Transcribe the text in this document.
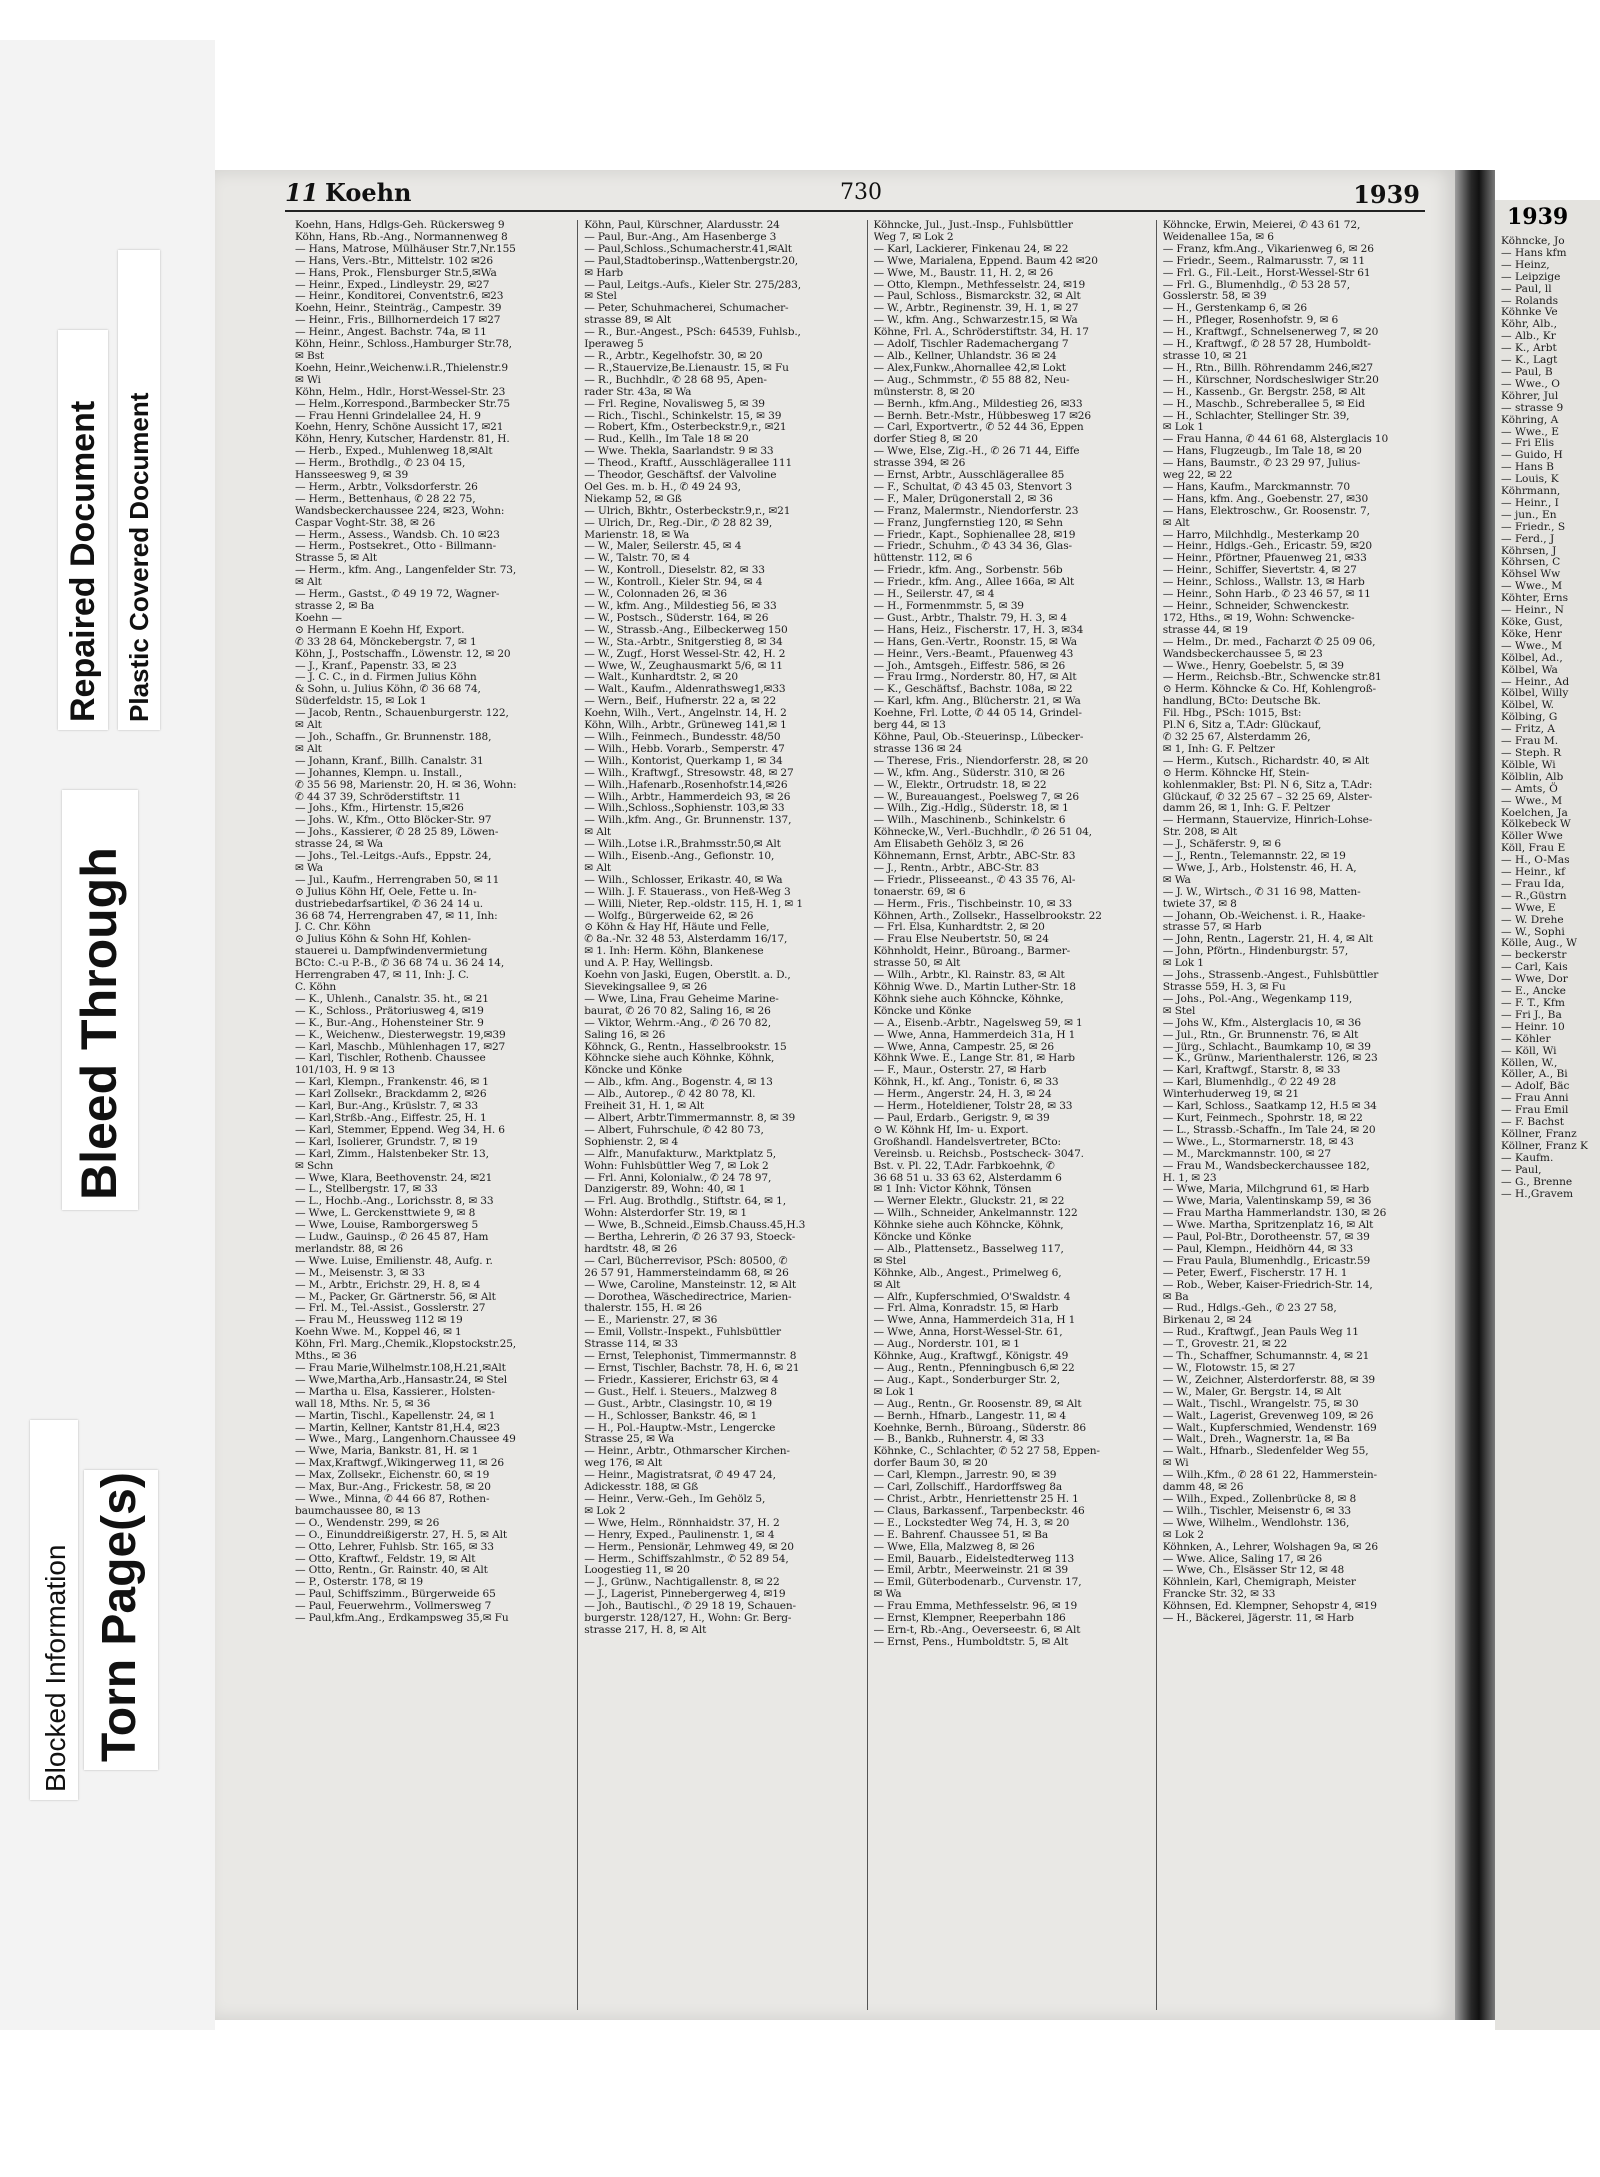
Blocked Information Torn Page(s)
Bleed Through
Repaired Document Plastic Covered Document
11 Koehn	730	1939
Koehn, Hans, Hdlgs-Geh. Rückersweg 9
Köhn, Hans, Rb.-Ang., Normannenweg 8
— Hans, Matrose, Mülhäuser Str.7,Nr.155
— Hans, Vers.-Btr., Mittelstr. 102 ✉26
— Hans, Prok., Flensburger Str.5,✉Wa
— Heinr., Exped., Lindleystr. 29, ✉27
— Heinr., Konditorei, Conventstr.6, ✉23
Koehn, Heinr., Steinträg., Campestr. 39
— Heinr., Fris., Billhornerdeich 17 ✉27
— Heinr., Angest. Bachstr. 74a, ✉ 11
Köhn, Heinr., Schloss.,Hamburger Str.78,
✉ Bst
Koehn, Heinr.,Weichenw.i.R.,Thielenstr.9
✉ Wi
Köhn, Helm., Hdlr., Horst-Wessel-Str. 23
— Helm.,Korrespond.,Barmbecker Str.75
— Frau Henni Grindelallee 24, H. 9
Koehn, Henry, Schöne Aussicht 17, ✉21
Köhn, Henry, Kutscher, Hardenstr. 81, H.
— Herb., Exped., Muhlenweg 18,✉Alt
— Herm., Brothdlg., ✆ 23 04 15,
Hansseesweg 9, ✉ 39
— Herm., Arbtr., Volksdorferstr. 26
— Herm., Bettenhaus, ✆ 28 22 75,
Wandsbeckerchaussee 224, ✉23, Wohn:
Caspar Voght-Str. 38, ✉ 26
— Herm., Assess., Wandsb. Ch. 10 ✉23
— Herm., Postsekret., Otto - Billmann-
Strasse 5, ✉ Alt
— Herm., kfm. Ang., Langenfelder Str. 73,
✉ Alt
— Herm., Gastst., ✆ 49 19 72, Wagner-
strasse 2, ✉ Ba
Koehn —
⊙ Hermann E Koehn Hf, Export.
✆ 33 28 64, Mönckebergstr. 7, ✉ 1
Köhn, J., Postschaffn., Löwenstr. 12, ✉ 20
— J., Kranf., Papenstr. 33, ✉ 23
— J. C. C., in d. Firmen Julius Köhn
& Sohn, u. Julius Köhn, ✆ 36 68 74,
Süderfeldstr. 15, ✉ Lok 1
— Jacob, Rentn., Schauenburgerstr. 122,
✉ Alt
— Joh., Schaffn., Gr. Brunnenstr. 188,
✉ Alt
— Johann, Kranf., Billh. Canalstr. 31
— Johannes, Klempn. u. Install.,
✆ 35 56 98, Marienstr. 20, H. ✉ 36, Wohn:
✆ 44 37 39, Schröderstiftstr. 11
— Johs., Kfm., Hirtenstr. 15,✉26
— Johs. W., Kfm., Otto Blöcker-Str. 97
— Johs., Kassierer, ✆ 28 25 89, Löwen-
strasse 24, ✉ Wa
— Johs., Tel.-Leitgs.-Aufs., Eppstr. 24,
✉ Wa
— Jul., Kaufm., Herrengraben 50, ✉ 11
⊙ Julius Köhn Hf, Oele, Fette u. In-
dustriebedarfsartikel, ✆ 36 24 14 u.
36 68 74, Herrengraben 47, ✉ 11, Inh:
J. C. Chr. Köhn
⊙ Julius Köhn & Sohn Hf, Kohlen-
stauerei u. Dampfwindenvermietung
BCto: C.-u P.-B., ✆ 36 68 74 u. 36 24 14,
Herrengraben 47, ✉ 11, Inh: J. C.
C. Köhn
— K., Uhlenh., Canalstr. 35. ht., ✉ 21
— K., Schloss., Prätoriusweg 4, ✉19
— K., Bur.-Ang., Hohensteiner Str. 9
— K., Weichenw., Diesterwegstr. 19,✉39
— Karl, Maschb., Mühlenhagen 17, ✉27
— Karl, Tischler, Rothenb. Chaussee
101/103, H. 9 ✉ 13
— Karl, Klempn., Frankenstr. 46, ✉ 1
— Karl Zollsekr., Brackdamm 2, ✉26
— Karl, Bur.-Ang., Krüslstr. 7, ✉ 33
— Karl,Strßb.-Ang., Eiffestr. 25, H. 1
— Karl, Stemmer, Eppend. Weg 34, H. 6
— Karl, Isolierer, Grundstr. 7, ✉ 19
— Karl, Zimm., Halstenbeker Str. 13,
✉ Schn
— Wwe, Klara, Beethovenstr. 24, ✉21
— L., Stellbergstr. 17, ✉ 33
— L., Hochb.-Ang., Lorichsstr. 8, ✉ 33
— Wwe, L. Gerckensttwiete 9, ✉ 8
— Wwe, Louise, Ramborgersweg 5
— Ludw., Gauinsp., ✆ 26 45 87, Ham
merlandstr. 88, ✉ 26
— Wwe. Luise, Emilienstr. 48, Aufg. r.
— M., Meisenstr. 3, ✉ 33
— M., Arbtr., Erichstr. 29, H. 8, ✉ 4
— M., Packer, Gr. Gärtnerstr. 56, ✉ Alt
— Frl. M., Tel.-Assist., Gosslerstr. 27
— Frau M., Heussweg 112 ✉ 19
Koehn Wwe. M., Koppel 46, ✉ 1
Köhn, Frl. Marg.,Chemik.,Klopstockstr.25,
Mths., ✉ 36
— Frau Marie,Wilhelmstr.108,H.21,✉Alt
— Wwe,Martha,Arb.,Hansastr.24, ✉ Stel
— Martha u. Elsa, Kassierer., Holsten-
wall 18, Mths. Nr. 5, ✉ 36
— Martin, Tischl., Kapellenstr. 24, ✉ 1
— Martin, Kellner, Kantstr 81,H.4, ✉23
— Wwe., Marg., Langenhorn.Chaussee 49
— Wwe, Maria, Bankstr. 81, H. ✉ 1
— Max,Kraftwgf.,Wikingerweg 11, ✉ 26
— Max, Zollsekr., Eichenstr. 60, ✉ 19
— Max, Bur.-Ang., Frickestr. 58, ✉ 20
— Wwe., Minna, ✆ 44 66 87, Rothen-
baumchaussee 80, ✉ 13
— O., Wendenstr. 299, ✉ 26
— O., Einunddreißigerstr. 27, H. 5, ✉ Alt
— Otto, Lehrer, Fuhlsb. Str. 165, ✉ 33
— Otto, Kraftwf., Feldstr. 19, ✉ Alt
— Otto, Rentn., Gr. Rainstr. 40, ✉ Alt
— P., Osterstr. 178, ✉ 19
— Paul, Schiffszimm., Bürgerweide 65
— Paul, Feuerwehrm., Vollmersweg 7
— Paul,kfm.Ang., Erdkampsweg 35,✉ Fu
Köhn, Paul, Kürschner, Alardusstr. 24
— Paul, Bur.-Ang., Am Hasenberge 3
— Paul,Schloss.,Schumacherstr.41,✉Alt
— Paul,Stadtoberinsp.,Wattenbergstr.20,
✉ Harb
— Paul, Leitgs.-Aufs., Kieler Str. 275/283,
✉ Stel
— Peter, Schuhmacherei, Schumacher-
strasse 89, ✉ Alt
— R., Bur.-Angest., PSch: 64539, Fuhlsb.,
Iperaweg 5
— R., Arbtr., Kegelhofstr. 30, ✉ 20
— R.,Stauervize,Be.Lienaustr. 15, ✉ Fu
— R., Buchhdlr., ✆ 28 68 95, Apen-
rader Str. 43a, ✉ Wa
— Frl. Regine, Novalisweg 5, ✉ 39
— Rich., Tischl., Schinkelstr. 15, ✉ 39
— Robert, Kfm., Osterbeckstr.9,r., ✉21
— Rud., Kellh., Im Tale 18 ✉ 20
— Wwe. Thekla, Saarlandstr. 9 ✉ 33
— Theod., Kraftf., Ausschlägerallee 111
— Theodor, Geschäftsf. der Valvoline
Oel Ges. m. b. H., ✆ 49 24 93,
Niekamp 52, ✉ Gß
— Ulrich, Bkhtr., Osterbeckstr.9,r., ✉21
— Ulrich, Dr., Reg.-Dir., ✆ 28 82 39,
Marienstr. 18, ✉ Wa
— W., Maler, Seilerstr. 45, ✉ 4
— W., Talstr. 70, ✉ 4
— W., Kontroll., Dieselstr. 82, ✉ 33
— W., Kontroll., Kieler Str. 94, ✉ 4
— W., Colonnaden 26, ✉ 36
— W., kfm. Ang., Mildestieg 56, ✉ 33
— W., Postsch., Süderstr. 164, ✉ 26
— W., Strassb.-Ang., Eilbeckerweg 150
— W., Sta.-Arbtr., Snitgerstieg 8, ✉ 34
— W., Zugf., Horst Wessel-Str. 42, H. 2
— Wwe, W., Zeughausmarkt 5/6, ✉ 11
— Walt., Kunhardtstr. 2, ✉ 20
— Walt., Kaufm., Aldenrathsweg1,✉33
— Wern., Beif., Hufnerstr. 22 a, ✉ 22
Koehn, Wilh., Vert., Angelnstr. 14, H. 2
Köhn, Wilh., Arbtr., Grüneweg 141,✉ 1
— Wilh., Feinmech., Bundesstr. 48/50
— Wilh., Hebb. Vorarb., Semperstr. 47
— Wilh., Kontorist, Querkamp 1, ✉ 34
— Wilh., Kraftwgf., Stresowstr. 48, ✉ 27
— Wilh.,Hafenarb.,Rosenhofstr.14,✉26
— Wilh., Arbtr., Hammerdeich 93, ✉ 26
— Wilh.,Schloss.,Sophienstr. 103,✉ 33
— Wilh.,kfm. Ang., Gr. Brunnenstr. 137,
✉ Alt
— Wilh.,Lotse i.R.,Brahmsstr.50,✉ Alt
— Wilh., Eisenb.-Ang., Gefionstr. 10,
✉ Alt
— Wilh., Schlosser, Erikastr. 40, ✉ Wa
— Wilh. J. F. Stauerass., von Heß-Weg 3
— Willi, Nieter, Rep.-oldstr. 115, H. 1, ✉ 1
— Wolfg., Bürgerweide 62, ✉ 26
⊙ Köhn & Hay Hf, Häute und Felle,
✆ 8a.-Nr. 32 48 53, Alsterdamm 16/17,
✉ 1. Inh: Herm. Köhn, Blankenese
und A. P. Hay, Wellingsb.
Koehn von Jaski, Eugen, Oberstlt. a. D.,
Sievekingsallee 9, ✉ 26
— Wwe, Lina, Frau Geheime Marine-
baurat, ✆ 26 70 82, Saling 16, ✉ 26
— Viktor, Wehrm.-Ang., ✆ 26 70 82,
Saling 16, ✉ 26
Köhnck, G., Rentn., Hasselbrookstr. 15
Köhncke siehe auch Köhnke, Köhnk,
Köncke und Könke
— Alb., kfm. Ang., Bogenstr. 4, ✉ 13
— Alb., Autorep., ✆ 42 80 78, Kl.
Freiheit 31, H. 1, ✉ Alt
— Albert, Arbtr.Timmermannstr. 8, ✉ 39
— Albert, Fuhrschule, ✆ 42 80 73,
Sophienstr. 2, ✉ 4
— Alfr., Manufakturw., Marktplatz 5,
Wohn: Fuhlsbüttler Weg 7, ✉ Lok 2
— Frl. Anni, Kolonialw., ✆ 24 78 97,
Danzigerstr. 89, Wohn: 40, ✉ 1
— Frl. Aug. Brothdlg., Stiftstr. 64, ✉ 1,
Wohn: Alsterdorfer Str. 19, ✉ 1
— Wwe, B.,Schneid.,Eimsb.Chauss.45,H.3
— Bertha, Lehrerin, ✆ 26 37 93, Stoeck-
hardtstr. 48, ✉ 26
— Carl, Bücherrevisor, PSch: 80500, ✆
26 57 91, Hammersteindamm 68, ✉ 26
— Wwe, Caroline, Mansteinstr. 12, ✉ Alt
— Dorothea, Wäschedirectrice, Marien-
thalerstr. 155, H. ✉ 26
— E., Marienstr. 27, ✉ 36
— Emil, Vollstr.-Inspekt., Fuhlsbüttler
Strasse 114, ✉ 33
— Ernst, Telephonist, Timmermannstr. 8
— Ernst, Tischler, Bachstr. 78, H. 6, ✉ 21
— Friedr., Kassierer, Erichstr 63, ✉ 4
— Gust., Helf. i. Steuers., Malzweg 8
— Gust., Arbtr., Clasingstr. 10, ✉ 19
— H., Schlosser, Bankstr. 46, ✉ 1
— H., Pol.-Hauptw.-Mstr., Lengercke
Strasse 25, ✉ Wa
— Heinr., Arbtr., Othmarscher Kirchen-
weg 176, ✉ Alt
— Heinr., Magistratsrat, ✆ 49 47 24,
Adickesstr. 188, ✉ Gß
— Heinr., Verw.-Geh., Im Gehölz 5,
✉ Lok 2
— Wwe, Helm., Rönnhaidstr. 37, H. 2
— Henry, Exped., Paulinenstr. 1, ✉ 4
— Herm., Pensionär, Lehmweg 49, ✉ 20
— Herm., Schiffszahlmstr., ✆ 52 89 54,
Loogestieg 11, ✉ 20
— J., Grünw., Nachtigallenstr. 8, ✉ 22
— J., Lagerist, Pinnebergerweg 4, ✉19
— Joh., Bautischl., ✆ 29 18 19, Schauen-
burgerstr. 128/127, H., Wohn: Gr. Berg-
strasse 217, H. 8, ✉ Alt
Köhncke, Jul., Just.-Insp., Fuhlsbüttler
Weg 7, ✉ Lok 2
— Karl, Lackierer, Finkenau 24, ✉ 22
— Wwe, Marialena, Eppend. Baum 42 ✉20
— Wwe, M., Baustr. 11, H. 2, ✉ 26
— Otto, Klempn., Methfesselstr. 24, ✉19
— Paul, Schloss., Bismarckstr. 32, ✉ Alt
— W., Arbtr., Reginenstr. 39, H. 1, ✉ 27
— W., kfm. Ang., Schwarzestr.15, ✉ Wa
Köhne, Frl. A., Schröderstiftstr. 34, H. 17
— Adolf, Tischler Rademachergang 7
— Alb., Kellner, Uhlandstr. 36 ✉ 24
— Alex,Funkw.,Ahornallee 42,✉ Lokt
— Aug., Schmmstr., ✆ 55 88 82, Neu-
münsterstr. 8, ✉ 20
— Bernh., kfm.Ang., Mildestieg 26, ✉33
— Bernh. Betr.-Mstr., Hübbesweg 17 ✉26
— Carl, Exportvertr., ✆ 52 44 36, Eppen
dorfer Stieg 8, ✉ 20
— Wwe, Else, Zig.-H., ✆ 26 71 44, Eiffe
strasse 394, ✉ 26
— Ernst, Arbtr., Ausschlägerallee 85
— F., Schultat, ✆ 43 45 03, Stenvort 3
— F., Maler, Drügonerstall 2, ✉ 36
— Franz, Malermstr., Niendorferstr. 23
— Franz, Jungfernstieg 120, ✉ Sehn
— Friedr., Kapt., Sophienallee 28, ✉19
— Friedr., Schuhm., ✆ 43 34 36, Glas-
hüttenstr. 112, ✉ 6
— Friedr., kfm. Ang., Sorbenstr. 56b
— Friedr., kfm. Ang., Allee 166a, ✉ Alt
— H., Seilerstr. 47, ✉ 4
— H., Formenmmstr. 5, ✉ 39
— Gust., Arbtr., Thalstr. 79, H. 3, ✉ 4
— Hans, Heiz., Fischerstr. 17, H. 3, ✉34
— Hans, Gen.-Vertr., Roonstr. 15, ✉ Wa
— Heinr., Vers.-Beamt., Pfauenweg 43
— Joh., Amtsgeh., Eiffestr. 586, ✉ 26
— Frau Irmg., Norderstr. 80, H7, ✉ Alt
— K., Geschäftsf., Bachstr. 108a, ✉ 22
— Karl, kfm. Ang., Blücherstr. 21, ✉ Wa
Koehne, Frl. Lotte, ✆ 44 05 14, Grindel-
berg 44, ✉ 13
Köhne, Paul, Ob.-Steuerinsp., Lübecker-
strasse 136 ✉ 24
— Therese, Fris., Niendorferstr. 28, ✉ 20
— W., kfm. Ang., Süderstr. 310, ✉ 26
— W., Elektr., Ortrudstr. 18, ✉ 22
— W., Bureauangest., Poelsweg 7, ✉ 26
— Wilh., Zig.-Hdlg., Süderstr. 18, ✉ 1
— Wilh., Maschinenb., Schinkelstr. 6
Köhnecke,W., Verl.-Buchhdlr., ✆ 26 51 04,
Am Elisabeth Gehölz 3, ✉ 26
Köhnemann, Ernst, Arbtr., ABC-Str. 83
— J., Rentn., Arbtr., ABC-Str. 83
— Friedr., Plisseeanst., ✆ 43 35 76, Al-
tonaerstr. 69, ✉ 6
— Herm., Fris., Tischbeinstr. 10, ✉ 33
Köhnen, Arth., Zollsekr., Hasselbrookstr. 22
— Frl. Elsa, Kunhardtstr. 2, ✉ 20
— Frau Else Neubertstr. 50, ✉ 24
Köhnholdt, Heinr., Büroang., Barmer-
strasse 50, ✉ Alt
— Wilh., Arbtr., Kl. Rainstr. 83, ✉ Alt
Köhnig Wwe. D., Martin Luther-Str. 18
Köhnk siehe auch Köhncke, Köhnke,
Köncke und Könke
— A., Eisenb.-Arbtr., Nagelsweg 59, ✉ 1
— Wwe, Anna, Hammerdeich 31a, H 1
— Wwe, Anna, Campestr. 25, ✉ 26
Köhnk Wwe. E., Lange Str. 81, ✉ Harb
— F., Maur., Osterstr. 27, ✉ Harb
Köhnk, H., kf. Ang., Tonistr. 6, ✉ 33
— Herm., Angerstr. 24, H. 3, ✉ 24
— Herm., Hoteldiener, Tolstr 28, ✉ 33
— Paul, Erdarb., Gerigstr. 9, ✉ 39
⊙ W. Köhnk Hf, Im- u. Export.
Großhandl. Handelsvertreter, BCto:
Vereinsb. u. Reichsb., Postscheck- 3047.
Bst. v. Pl. 22, T.Adr. Farbkoehnk, ✆
36 68 51 u. 33 63 62, Alsterdamm 6
✉ 1 Inh: Victor Köhnk, Tönsen
— Werner Elektr., Gluckstr. 21, ✉ 22
— Wilh., Schneider, Ankelmannstr. 122
Köhnke siehe auch Köhncke, Köhnk,
Köncke und Könke
— Alb., Plattensetz., Basselweg 117,
✉ Stel
Köhnke, Alb., Angest., Primelweg 6,
✉ Alt
— Alfr., Kupferschmied, O'Swaldstr. 4
— Frl. Alma, Konradstr. 15, ✉ Harb
— Wwe, Anna, Hammerdeich 31a, H 1
— Wwe, Anna, Horst-Wessel-Str. 61,
— Aug., Norderstr. 101, ✉ 1
Köhnke, Aug., Kraftwgf., Königstr. 49
— Aug., Rentn., Pfenningbusch 6,✉ 22
— Aug., Kapt., Sonderburger Str. 2,
✉ Lok 1
— Aug., Rentn., Gr. Roosenstr. 89, ✉ Alt
— Bernh., Hfnarb., Langestr. 11, ✉ 4
Koehnke, Bernh., Büroang., Süderstr. 86
— B., Bankb., Ruhnerstr. 4, ✉ 33
Köhnke, C., Schlachter, ✆ 52 27 58, Eppen-
dorfer Baum 30, ✉ 20
— Carl, Klempn., Jarrestr. 90, ✉ 39
— Carl, Zollschiff., Hardorffsweg 8a
— Christ., Arbtr., Henriettenstr 25 H. 1
— Claus, Barkassenf., Tarpenbeckstr. 46
— E., Lockstedter Weg 74, H. 3, ✉ 20
— E. Bahrenf. Chaussee 51, ✉ Ba
— Wwe, Ella, Malzweg 8, ✉ 26
— Emil, Bauarb., Eidelstedterweg 113
— Emil, Arbtr., Meerweinstr. 21 ✉ 39
— Emil, Güterbodenarb., Curvenstr. 17,
✉ Wa
— Frau Emma, Methfesselstr. 96, ✉ 19
— Ernst, Klempner, Reeperbahn 186
— Ern-t, Rb.-Ang., Oeverseestr. 6, ✉ Alt
— Ernst, Pens., Humboldtstr. 5, ✉ Alt
Köhncke, Erwin, Meierei, ✆ 43 61 72,
Weidenallee 15a, ✉ 6
— Franz, kfm.Ang., Vikarienweg 6, ✉ 26
— Friedr., Seem., Ralmarusstr. 7, ✉ 11
— Frl. G., Fil.-Leit., Horst-Wessel-Str 61
— Frl. G., Blumenhdlg., ✆ 53 28 57,
Gosslerstr. 58, ✉ 39
— H., Gerstenkamp 6, ✉ 26
— H., Pfleger, Rosenhofstr. 9, ✉ 6
— H., Kraftwgf., Schnelsenerweg 7, ✉ 20
— H., Kraftwgf., ✆ 28 57 28, Humboldt-
strasse 10, ✉ 21
— H., Rtn., Billh. Röhrendamm 246,✉27
— H., Kürschner, Nordscheslwiger Str.20
— H., Kassenb., Gr. Bergstr. 258, ✉ Alt
— H., Maschb., Schreberallee 5, ✉ Eid
— H., Schlachter, Stellinger Str. 39,
✉ Lok 1
— Frau Hanna, ✆ 44 61 68, Alsterglacis 10
— Hans, Flugzeugb., Im Tale 18, ✉ 20
— Hans, Baumstr., ✆ 23 29 97, Julius-
weg 22, ✉ 22
— Hans, Kaufm., Marckmannstr. 70
— Hans, kfm. Ang., Goebenstr. 27, ✉30
— Hans, Elektroschw., Gr. Roosenstr. 7,
✉ Alt
— Harro, Milchhdlg., Mesterkamp 20
— Heinr., Hdlgs.-Geh., Ericastr. 59, ✉20
— Heinr., Pförtner, Pfauenweg 21, ✉33
— Heinr., Schiffer, Sievertstr. 4, ✉ 27
— Heinr., Schloss., Wallstr. 13, ✉ Harb
— Heinr., Sohn Harb., ✆ 23 46 57, ✉ 11
— Heinr., Schneider, Schwenckestr.
172, Hths., ✉ 19, Wohn: Schwencke-
strasse 44, ✉ 19
— Helm., Dr. med., Facharzt ✆ 25 09 06,
Wandsbeckerchaussee 5, ✉ 23
— Wwe., Henry, Goebelstr. 5, ✉ 39
— Herm., Reichsb.-Btr., Schwencke str.81
⊙ Herm. Köhncke & Co. Hf, Kohlengroß-
handlung, BCto: Deutsche Bk.
Fil. Hbg., PSch: 1015, Bst:
Pl.N 6, Sitz a, T.Adr: Glückauf,
✆ 32 25 67, Alsterdamm 26,
✉ 1, Inh: G. F. Peltzer
— Herm., Kutsch., Richardstr. 40, ✉ Alt
⊙ Herm. Köhncke Hf, Stein-
kohlenmakler, Bst: Pl. N 6, Sitz a, T.Adr:
Glückauf, ✆ 32 25 67 – 32 25 69, Alster-
damm 26, ✉ 1, Inh: G. F. Peltzer
— Hermann, Stauervize, Hinrich-Lohse-
Str. 208, ✉ Alt
— J., Schäferstr. 9, ✉ 6
— J., Rentn., Telemannstr. 22, ✉ 19
— Wwe, J., Arb., Holstenstr. 46, H. A,
✉ Wa
— J. W., Wirtsch., ✆ 31 16 98, Matten-
twiete 37, ✉ 8
— Johann, Ob.-Weichenst. i. R., Haake-
strasse 57, ✉ Harb
— John, Rentn., Lagerstr. 21, H. 4, ✉ Alt
— John, Pförtn., Hindenburgstr. 57,
✉ Lok 1
— Johs., Strassenb.-Angest., Fuhlsbüttler
Strasse 559, H. 3, ✉ Fu
— Johs., Pol.-Ang., Wegenkamp 119,
✉ Stel
— Johs W., Kfm., Alsterglacis 10, ✉ 36
— Jul., Rtn., Gr. Brunnenstr. 76, ✉ Alt
— Jürg., Schlacht., Baumkamp 10, ✉ 39
— K., Grünw., Marienthalerstr. 126, ✉ 23
— Karl, Kraftwgf., Starstr. 8, ✉ 33
— Karl, Blumenhdlg., ✆ 22 49 28
Winterhuderweg 19, ✉ 21
— Karl, Schloss., Saatkamp 12, H.5 ✉ 34
— Kurt, Feinmech., Spohrstr. 18, ✉ 22
— L., Strassb.-Schaffn., Im Tale 24, ✉ 20
— Wwe., L., Stormarnerstr. 18, ✉ 43
— M., Marckmannstr. 100, ✉ 27
— Frau M., Wandsbeckerchaussee 182,
H. 1, ✉ 23
— Wwe, Maria, Milchgrund 61, ✉ Harb
— Wwe, Maria, Valentinskamp 59, ✉ 36
— Frau Martha Hammerlandstr. 130, ✉ 26
— Wwe. Martha, Spritzenplatz 16, ✉ Alt
— Paul, Pol-Btr., Dorotheenstr. 57, ✉ 39
— Paul, Klempn., Heidhörn 44, ✉ 33
— Frau Paula, Blumenhdlg., Ericastr.59
— Peter, Ewerf., Fischerstr. 17 H. 1
— Rob., Weber, Kaiser-Friedrich-Str. 14,
✉ Ba
— Rud., Hdlgs.-Geh., ✆ 23 27 58,
Birkenau 2, ✉ 24
— Rud., Kraftwgf., Jean Pauls Weg 11
— T., Grovestr. 21, ✉ 22
— Th., Schaffner, Schumannstr. 4, ✉ 21
— W., Flotowstr. 15, ✉ 27
— W., Zeichner, Alsterdorferstr. 88, ✉ 39
— W., Maler, Gr. Bergstr. 14, ✉ Alt
— Walt., Tischl., Wrangelstr. 75, ✉ 30
— Walt., Lagerist, Grevenweg 109, ✉ 26
— Walt., Kupferschmied, Wendenstr. 169
— Walt., Dreh., Wagnerstr. 1a, ✉ Ba
— Walt., Hfnarb., Sledenfelder Weg 55,
✉ Wi
— Wilh.,Kfm., ✆ 28 61 22, Hammerstein-
damm 48, ✉ 26
— Wilh., Exped., Zollenbrücke 8, ✉ 8
— Wilh., Tischler, Meisenstr 6, ✉ 33
— Wwe, Wilhelm., Wendlohstr. 136,
✉ Lok 2
Köhnken, A., Lehrer, Wolshagen 9a, ✉ 26
— Wwe. Alice, Saling 17, ✉ 26
— Wwe, Ch., Elsässer Str 12, ✉ 48
Köhnlein, Karl, Chemigraph, Meister
Francke Str. 32, ✉ 33
Köhnsen, Ed. Klempner, Sehopstr 4, ✉19
— H., Bäckerei, Jägerstr. 11, ✉ Harb
1939
Köhncke, Jo
— Hans kfm
— Heinz,
— Leipzige
— Paul, ll
— Rolands
Köhnke Ve
Köhr, Alb.,
— Alb., Kr
— K., Arbt
— K., Lagt
— Paul, B
— Wwe., O
Köhrer, Jul
— strasse 9
Köhring, A
— Wwe., E
— Fri Elis
— Guido, H
— Hans B
— Louis, K
Köhrmann,
— Heinr., I
— jun., En
— Friedr., S
— Ferd., J
Köhrsen, J
Köhrsen, C
Köhsel Ww
— Wwe., M
Köhter, Erns
— Heinr., N
Köke, Gust,
Köke, Henr
— Wwe., M
Kölbel, Ad.,
Kölbel, Wa
— Heinr., Ad
Kölbel, Willy
Kölbel, W.
Kölbing, G
— Fritz, A
— Frau M.
— Steph. R
Kölble, Wi
Kölblin, Alb
— Amts, Ö
— Wwe., M
Koelchen, Ja
Kölkebeck W
Köller Wwe
Köll, Frau E
— H., O-Mas
— Heinr., kf
— Frau Ida,
— R.,Güstrn
— Wwe, E
— W. Drehe
— W., Sophi
Kölle, Aug., W
— beckerstr
— Carl, Kais
— Wwe, Dor
— E., Ancke
— F. T., Kfm
— Fri J., Ba
— Heinr. 10
— Köhler
— Köll, Wi
Köllen, W.,
Köller, A., Bi
— Adolf, Bäc
— Frau Anni
— Frau Emil
— F. Bachst
Köllner, Franz
Köllner, Franz K
— Kaufm.
— Paul,
— G., Brenne
— H.,Gravem
